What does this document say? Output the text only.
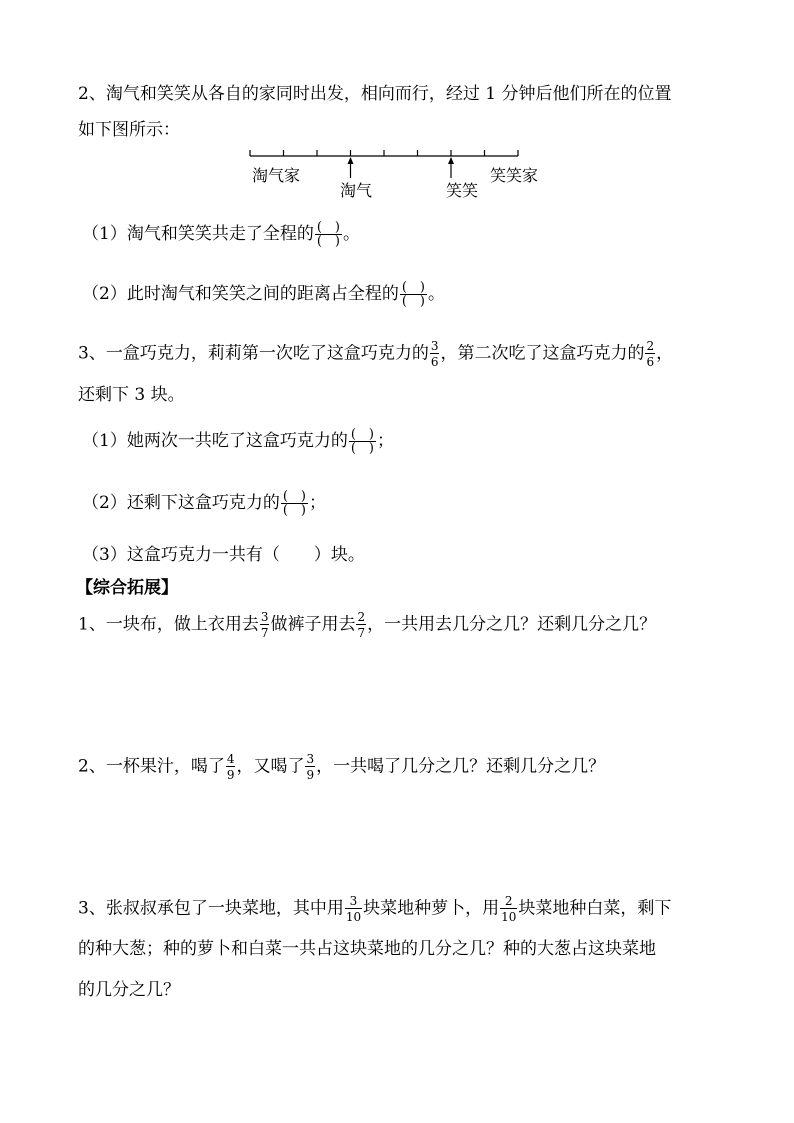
2、淘气和笑笑从各自的家同时出发，相向而行，经过 1 分钟后他们所在的位置
如下图所示：
淘气家
淘气	笑笑
笑笑家
（1）淘气和笑笑共走了全程的 (　)
(　) 。
（2）此时淘气和笑笑之间的距离占全程的 (　)
(　) 。
3、一盒巧克力，莉莉第一次吃了这盒巧克力的 $\frac{3}{6}$ ，第二次吃了这盒巧克力的 $\frac{2}{6}$ ，
还剩下 3 块。
（1）她两次一共吃了这盒巧克力的 (　)
(　) ；
（2）还剩下这盒巧克力的 (　)
(　) ；
（3）这盒巧克力一共有（　　）块。
【综合拓展】
1、一块布，做上衣用去 $\frac{3}{7}$ 做裤子用去 $\frac{2}{7}$ ，一共用去几分之几？还剩几分之几？
2、一杯果汁，喝了 $\frac{4}{9}$ ，又喝了 $\frac{3}{9}$ ，一共喝了几分之几？还剩几分之几？
3、张叔叔承包了一块菜地，其中用 $\frac{3}{10}$ 块菜地种萝卜，用 $\frac{2}{10}$ 块菜地种白菜，剩下
的种大葱；种的萝卜和白菜一共占这块菜地的几分之几？种的大葱占这块菜地
的几分之几？
